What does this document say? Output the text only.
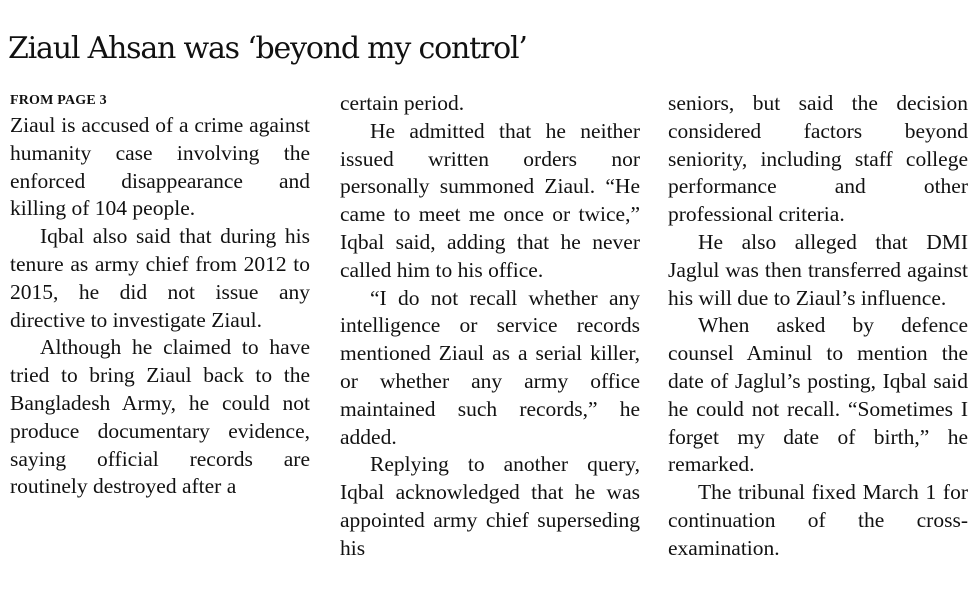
Ziaul Ahsan was ‘beyond my control’
FROM PAGE 3

Ziaul is accused of a crime against humanity case involving the enforced disappearance and killing of 104 people.

Iqbal also said that during his tenure as army chief from 2012 to 2015, he did not issue any directive to investigate Ziaul.

Although he claimed to have tried to bring Ziaul back to the Bangladesh Army, he could not produce documentary evidence, saying official records are routinely destroyed after a

certain period.

He admitted that he neither issued written orders nor personally summoned Ziaul. “He came to meet me once or twice,” Iqbal said, adding that he never called him to his office.

“I do not recall whether any intelligence or service records mentioned Ziaul as a serial killer, or whether any army office maintained such records,” he added.

Replying to another query, Iqbal acknowledged that he was appointed army chief superseding his

seniors, but said the decision considered factors beyond seniority, including staff college performance and other professional criteria.

He also alleged that DMI Jaglul was then transferred against his will due to Ziaul’s influence.

When asked by defence counsel Aminul to mention the date of Jaglul’s posting, Iqbal said he could not recall. “Sometimes I forget my date of birth,” he remarked.

The tribunal fixed March 1 for continuation of the cross-examination.
